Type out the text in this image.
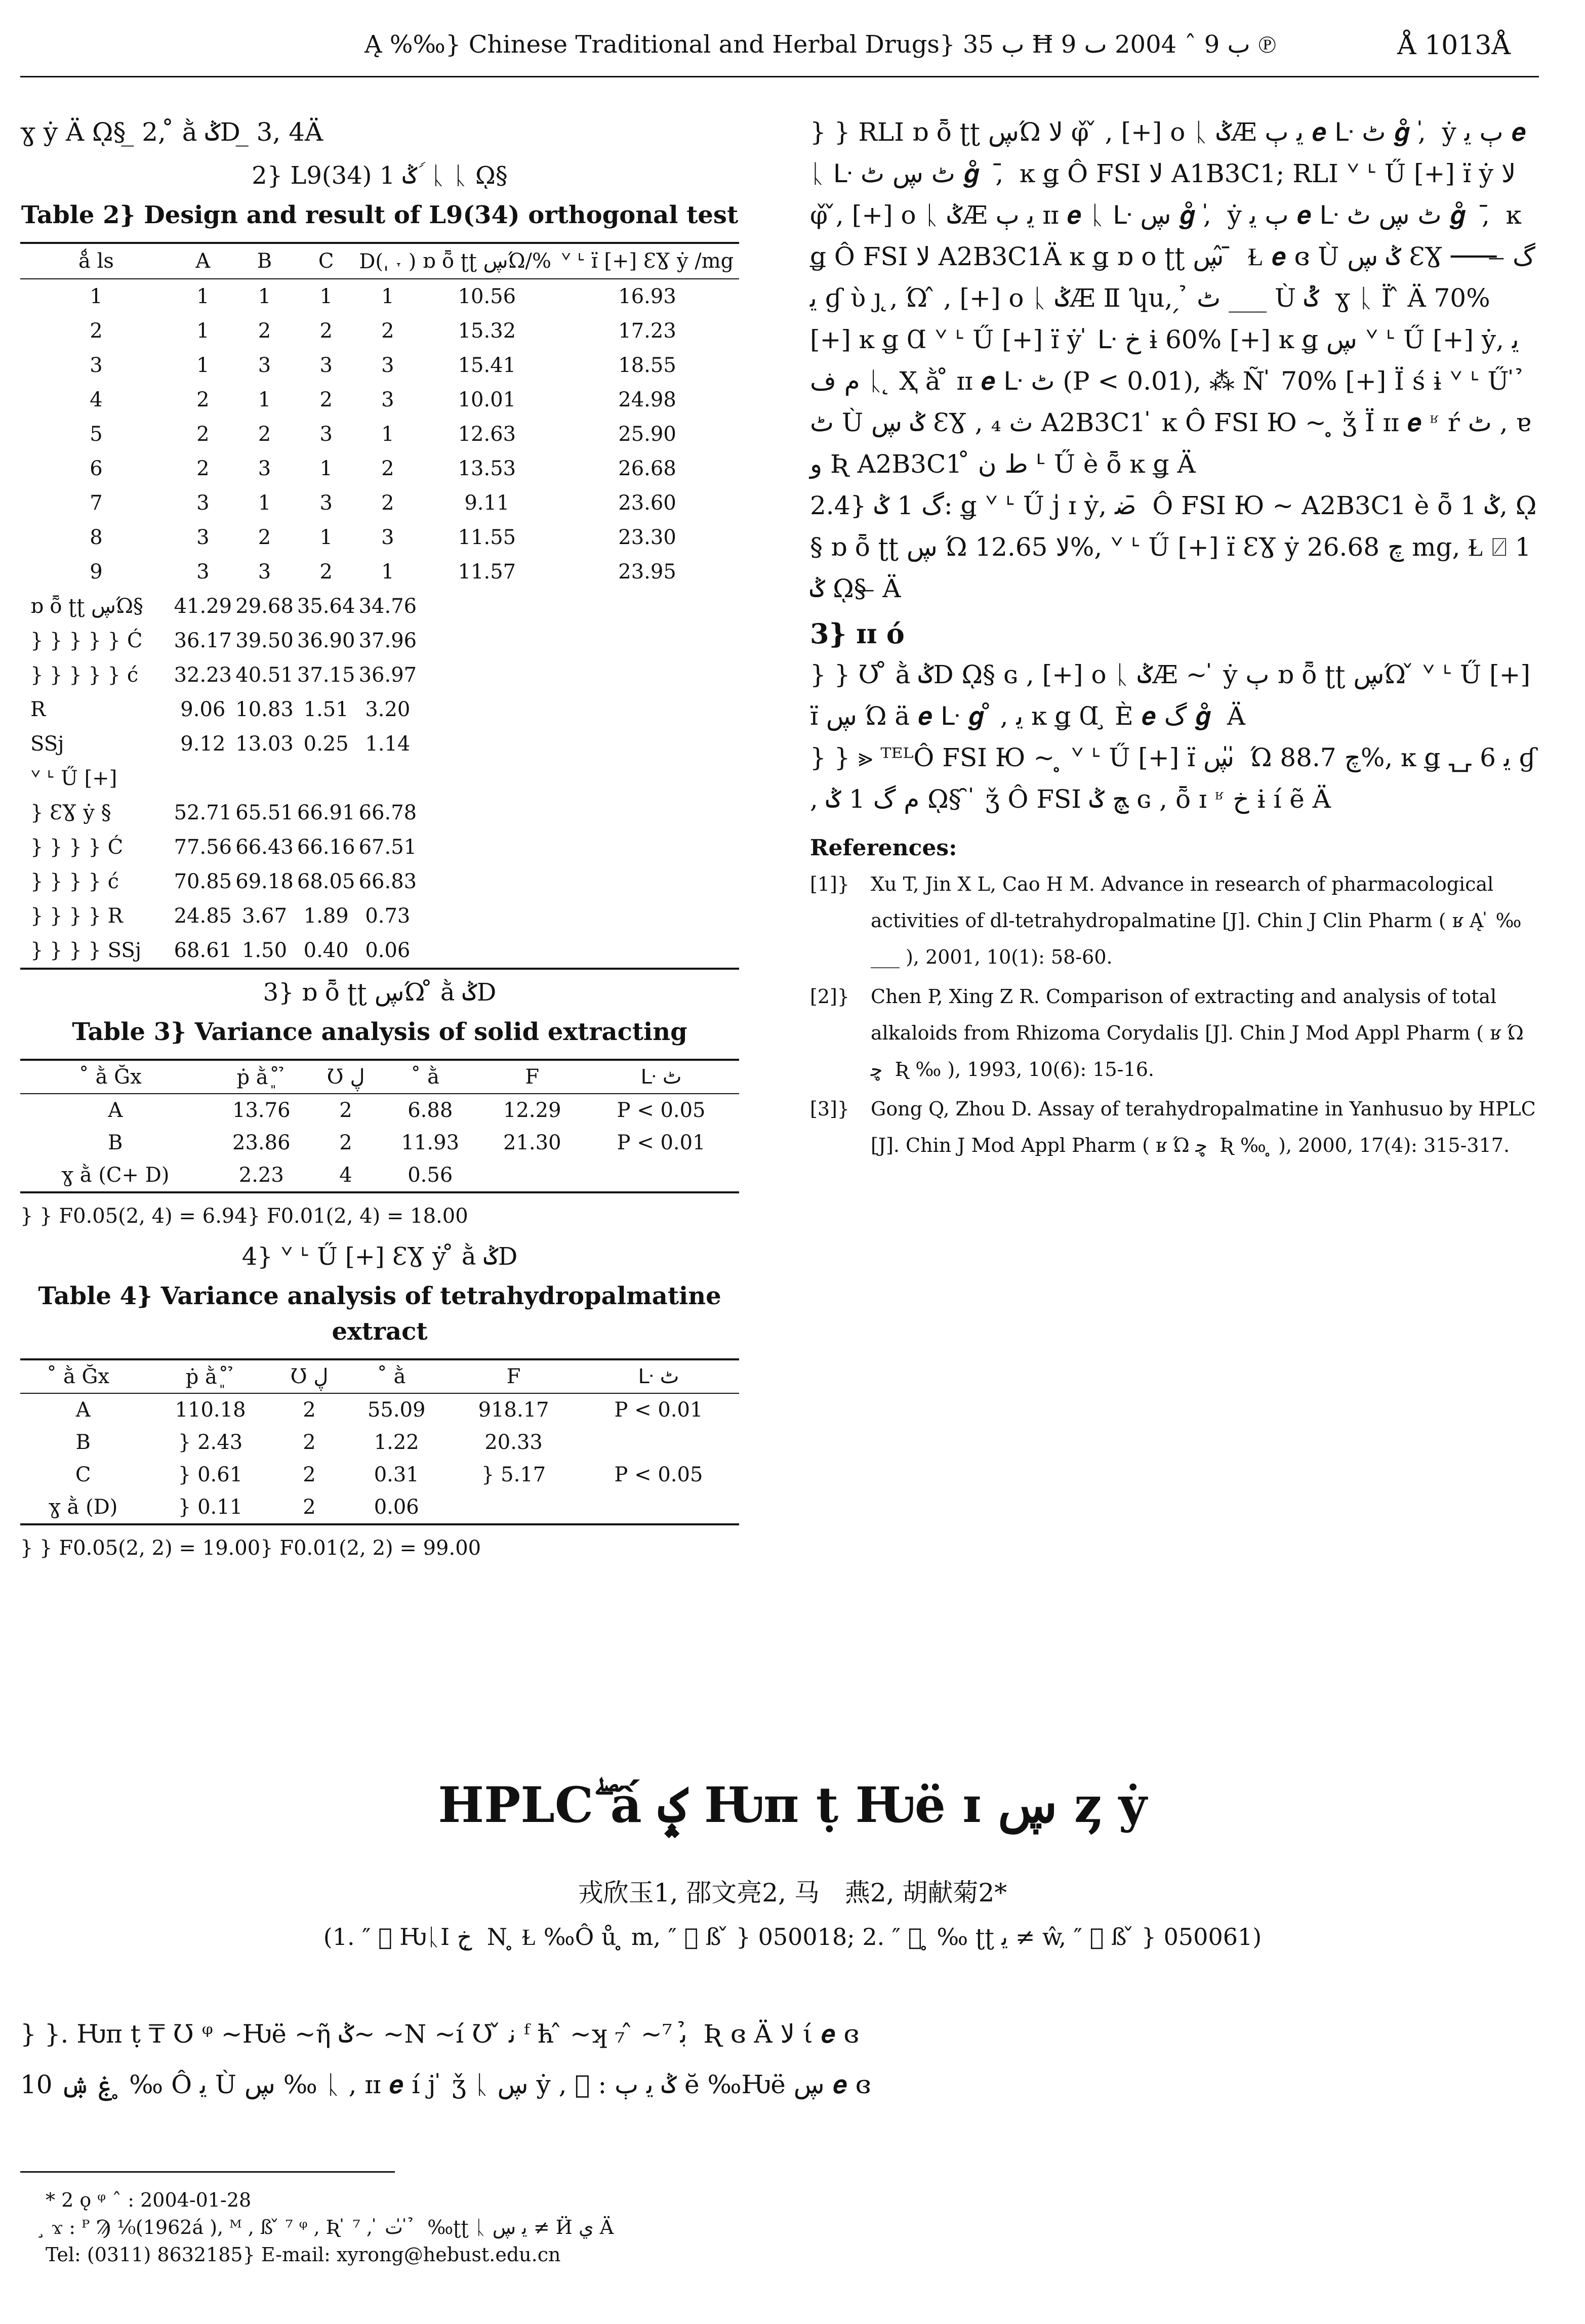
Ą %‰} Chinese Traditional and Herbal Drugs} ب 35 Ħ ب 9 ˆ 2004 ٮ 9 ℗	Å 1013Å

ɣ ẏ Ä ῼ§ ̲ 2, ̊ ằ ݣD ̲ 3, 4Ä

2} L9(34) 1 ݣ ࣰ ᚳ ᚳ ῼ§
Table 2} Design and result of L9(34) orthogonal test
ǻ ls	A	B	C	D(ˌ ˕ )	ɒ ȭ ʈʈ ڛΏ/%	ᘁ ᒻ ɪ̈ [+] ƐƔ ẏ /mg
1	1	1	1	1	10.56	16.93
2	1	2	2	2	15.32	17.23
3	1	3	3	3	15.41	18.55
4	2	1	2	3	10.01	24.98
5	2	2	3	1	12.63	25.90
6	2	3	1	2	13.53	26.68
7	3	1	3	2	9.11	23.60
8	3	2	1	3	11.55	23.30
9	3	3	2	1	11.57	23.95
ɒ ȭ ʈʈ ڛΏ§	41.29	29.68	35.64	34.76		
} } } } } Ć	36.17	39.50	36.90	37.96		
} } } } } ć	32.23	40.51	37.15	36.97		
R	9.06	10.83	1.51	3.20		
SSj	9.12	13.03	0.25	1.14		
ᘁ ᒻ Ű [+]						
} ƐƔ ẏ §	52.71	65.51	66.91	66.78		
} } } } Ć	77.56	66.43	66.16	67.51		
} } } } ć	70.85	69.18	68.05	66.83		
} } } } R	24.85	3.67	1.89	0.73		
} } } } SSj	68.61	1.50	0.40	0.06		
3} ɒ ȭ ʈʈ ڛΏ ̊ ằ ݣD
Table 3} Variance analysis of solid extracting
̊ ằ Ğx	ṗ ằ ͈ ̊ ̉	Ʊ ڸ	̊ ằ	F	ᒷ ٹ
A	13.76	2	6.88	12.29	P < 0.05
B	23.86	2	11.93	21.30	P < 0.01
ɣ ằ (C+ D)	2.23	4	0.56		

} } F0.05(2, 4) = 6.94} F0.01(2, 4) = 18.00

4} ᘁ ᒻ Ű [+] ƐƔ ẏ ̊ ằ ݣD
Table 4} Variance analysis of tetrahydropalmatine extract
̊ ằ Ğx	ṗ ằ ͈ ̊ ̉	Ʊ ڸ	̊ ằ	F	ᒷ ٹ
A	110.18	2	55.09	918.17	P < 0.01
B	} 2.43	2	1.22	20.33	
C	} 0.61	2	0.31	} 5.17	P < 0.05
ɣ ằ (D)	} 0.11	2	0.06		

} } F0.05(2, 2) = 19.00} F0.01(2, 2) = 99.00

} } RLI ɒ ȭ ʈʈ ڛΏ ﻻ φ̌ ̌ , [+] ο ᚳ ݣÆ ﻳ ٻ 𝒆 ᒷ ٹ 𝒈 ̊, ̍ ẏ ٻ ﻳ 𝒆 ᚳ ᒷ ٹ ڛ ٹ 𝒈 ̊ , ̄ ĸ ǥ Ô FSI ﻻ A1B3C1; RLI ᘁ ᒻ Ű [+] ɪ̈ ẏ ﻻ φ̌ ̌, [+] ο ᚳ ݣÆ ﻳ ٻ ɪɪ 𝒆 ᚳ ᒷ ڛ 𝒈 ̊, ̍ ẏ ٻ ﻳ 𝒆 ᒷ ٹ ڛ ٹ 𝒈 ̊ , ̄ ĸ ǥ Ô FSI ﻻ A2B3C1Ä ĸ ǥ ɒ ο ʈʈ ڛ ̂ ̄ Ɫ 𝒆 ɞ Ù ݣ ڛ ƐƔ ─── ̶ ﮒ ﻳ ɠ ὺ ȷ ̨, Ώ ̂ , [+] ο ᚳ ݣÆ Ⅱ ʮu, ̗ ̉ ٹ ___ Ù ݣ ̉ ɣ ᚳ Ï ̂ Ä 70% [+] ĸ ǥ Ɑ ᘁ ᒻ Ű [+] ɪ̈ ẏ ̍ ᒷ ﺥ ɨ 60% [+] ĸ ǥ ڛ ᘁ ᒻ Ű [+] ẏ, ﻳ ﻡ ﻑ ᚳ ̨ Ҳ ằ ̊ ɪɪ 𝒆 ᒷ ٹ (P < 0.01), ⁂ Ñ ̍ 70% [+] Ï ś ɨ ᘁ ᒻ Ű ̍ ̉ ٹ Ù ݣ ڛ ƐƔ , ₄ ﺙ A2B3C1 ̍ ĸ Ô FSI Ю ~ ̥ ǯ Ï ɪɪ 𝒆 ʶ ŕ ٹ , ɐ ﻭ Ʀ A2B3C1 ̊ ﻁ ﻥ ᒻ Ű è ȭ ĸ ǥ Ä

2.4} ﮒ 1 ݣ: ǥ ᘁ ᒻ Ű ȷ̍ ɪ ẏ, ﺿ ̄ Ô FSI Ю ~ A2B3C1 è ȭ 1 ݣ, ῼ§ ɒ ȭ ʈʈ ڛ Ώ ﻻ 12.65%, ᘁ ᒻ Ű [+] ɪ̈ ƐƔ ẏ ﭺ 26.68 mg, Ɫ ⍁ 1 ݣ ῼ§ ̶ Ä

3} ɪɪ ó

} } Ʊ ̊ ằ ݣD ῼ§ ɢ , [+] ο ᚳ ݣÆ ~ ̍ ẏ ٻ ɒ ȭ ʈʈ ڛΏ ̌ ᘁ ᒻ Ű [+] ɪ̈ ڛ Ώ ä 𝒆 ᒷ 𝒈 ̊ , ﻳ ĸ ǥ Ɑ ̧ È 𝒆 ﮒ 𝒈 ̊ Ä

} } ⪢ ᵀᴱᴸÔ FSI Ю ~ ̥ ᘁ ᒻ Ű [+] ɪ̈ ڛ ̎ Ώ ﭺ 88.7%, ĸ ǥ ⍽ 6 ﻳ ɠ , ﻡ ﮒ 1 ݣ ῼ§ ̑ ̍ ǯ Ô FSI ﭻ ݣ ɢ , ȭ ɪ ʶ ﺥ ɨ í ẽ Ä

References:
[1]}	Xu T, Jin X L, Cao H M. Advance in research of pharmacological activities of dl-tetrahydropalmatine [J]. Chin J Clin Pharm ( ʁ Ą ̍ ‰ ___ ), 2001, 10(1): 58-60.
[2]}	Chen P, Xing Z R. Comparison of extracting and analysis of total alkaloids from Rhizoma Corydalis [J]. Chin J Mod Appl Pharm ( ʁ Ώ ﭼ ̥ Ʀ ‰ ), 1993, 10(6): 15-16.
[3]}	Gong Q, Zhou D. Assay of terahydropalmatine in Yanhusuo by HPLC [J]. Chin J Mod Appl Pharm ( ʁ Ώ ﭼ ̥ Ʀ ‰ ̥ ), 2000, 17(4): 315-317.
HPLCۖ ấ ݤ Ƕπ ṭ Ƕë ɪ ڛ ȥ ẏ
戎欣玉1, 邵文亮2, 马　燕2, 胡献菊2*
(1. ″ ⃞ ǶᚳΙ ﺥ ̨ Ν ̥ Ɫ ‰Ô ů ̥ m, ″ ⃞ ß ̌ } 050018; 2. ″ ⃞ ̥ ‰ ʈʈ ﻳ ≠ ŵ, ″ ⃞ ß ̌ } 050061)
} }. Ƕπ ṭ ₸ Ʊ ᵠ ~Ƕë ~ῆ ݣ~ ~Ν ~í Ʊ ̌ ﻧ ᶠ ћ ̂ ~ʞ ₇ ̂ ~⁷ ﺑ ̉ Ʀ ɞ Ä ﻻ ί 𝒆 ɞ
ۼ ۺ 10 ̥ ‰ Ô ﻳ Ù ڛ ‰ ᚳ , ɪɪ 𝒆 í j ̍ ǯ ᚳ ڛ ẏ , ⃞ : ݣ ﻳ ٻ ĕ ‰Ƕë ڛ 𝒆 ɞ
* 2 ǫ ᵠ ˆ : 2004-01-28
̧ ϫ : ᴾ Ϡ ⅟₀(1962á ), ᴹ , ß ̌ ⁷ ᵠ , Ʀ ̍ ⁷ , ̍ ﺕ ̍ ̍ ̉ ‰ʈʈ ᚳ ﻳ ڛ ≠ Ӥ ﻱ Ä
Tel: (0311) 8632185} E-mail: xyrong@hebust.edu.cn
